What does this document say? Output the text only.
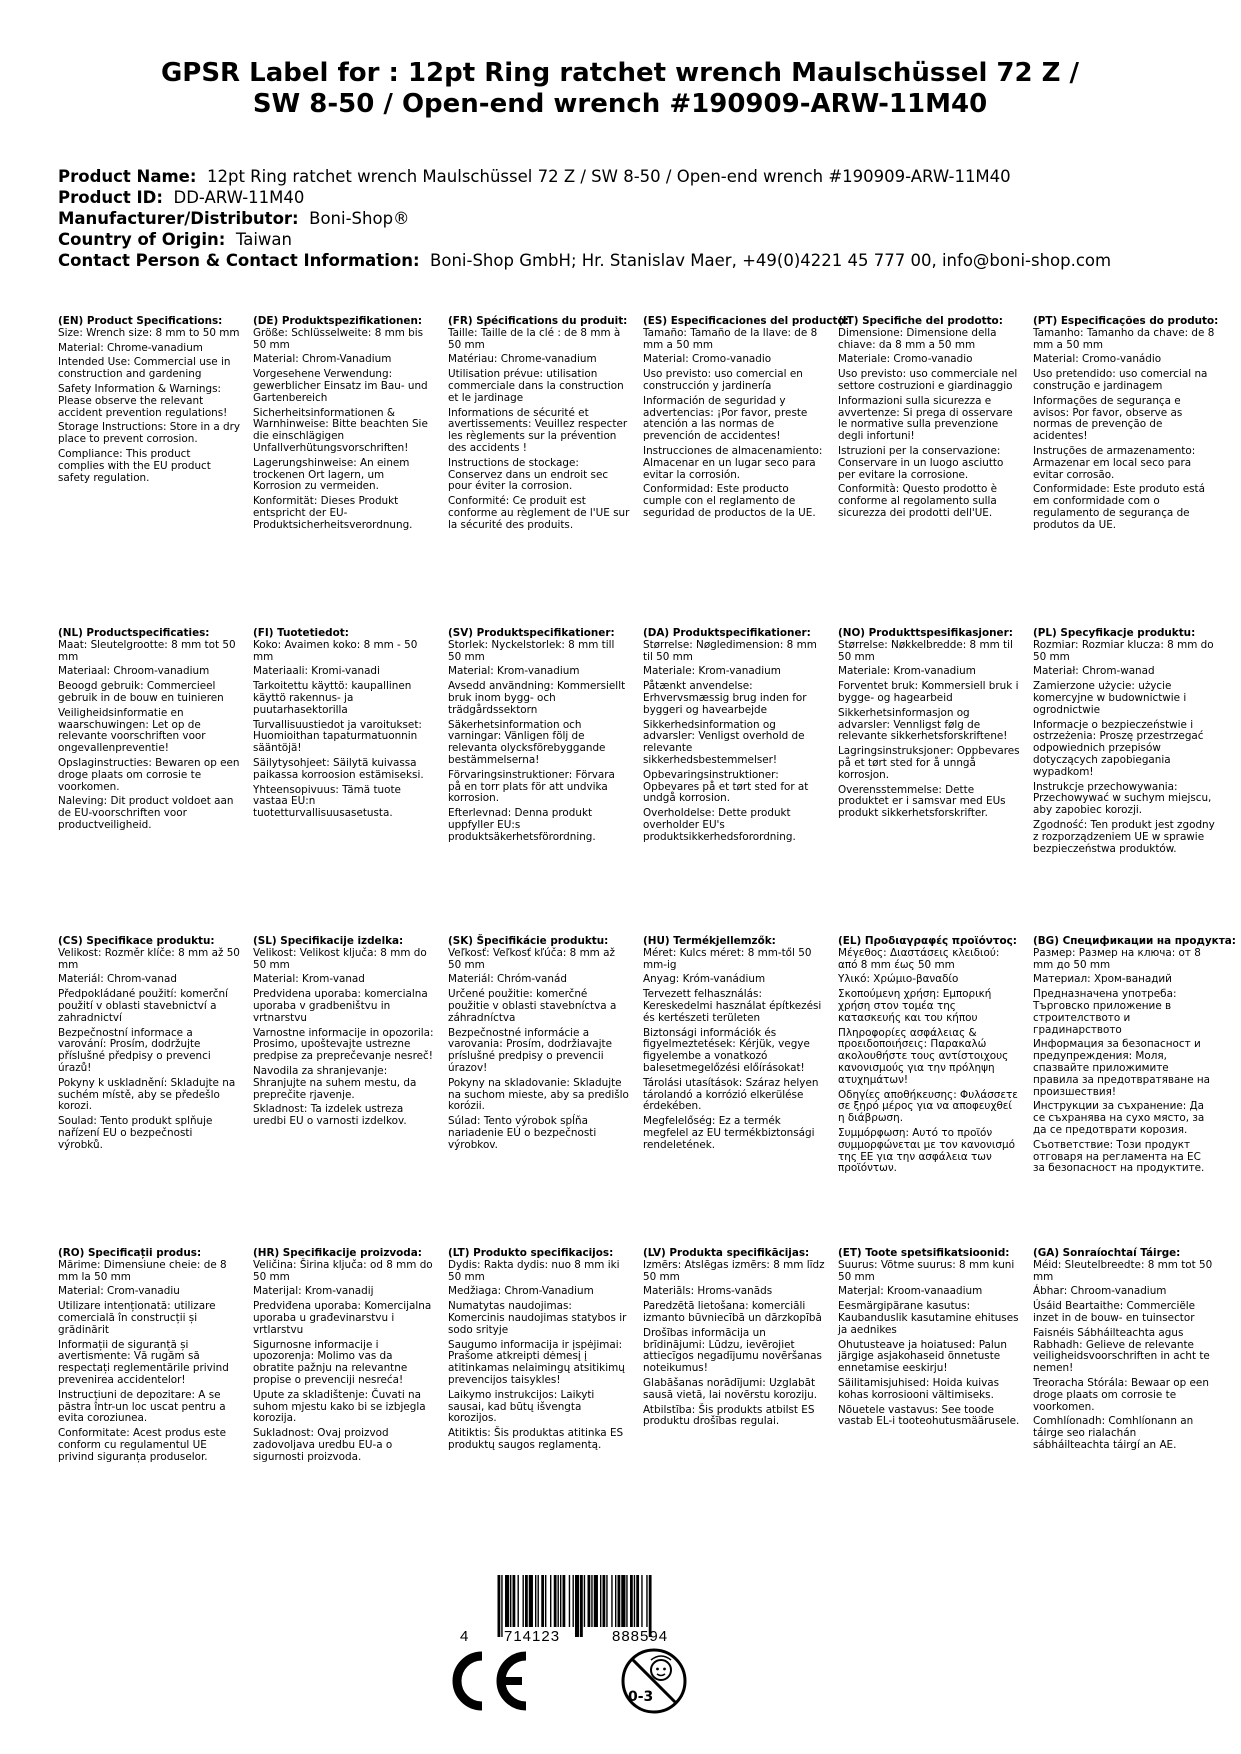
GPSR Label for : 12pt Ring ratchet wrench Maulschüssel 72 Z / SW 8-50 / Open-end wrench #190909-ARW-11M40
Product Name: 12pt Ring ratchet wrench Maulschüssel 72 Z / SW 8-50 / Open-end wrench #190909-ARW-11M40
Product ID: DD-ARW-11M40
Manufacturer/Distributor: Boni-Shop®
Country of Origin: Taiwan
Contact Person & Contact Information: Boni-Shop GmbH; Hr. Stanislav Maer, +49(0)4221 45 777 00, info@boni-shop.com
(EN) Product Specifications:

Size: Wrench size: 8 mm to 50 mm

Material: Chrome-vanadium

Intended Use: Commercial use in construction and gardening

Safety Information & Warnings: Please observe the relevant accident prevention regulations!

Storage Instructions: Store in a dry place to prevent corrosion.

Compliance: This product complies with the EU product safety regulation.

(DE) Produktspezifikationen:

Größe: Schlüsselweite: 8 mm bis 50 mm

Material: Chrom-Vanadium

Vorgesehene Verwendung: gewerblicher Einsatz im Bau- und Gartenbereich

Sicherheitsinformationen & Warnhinweise: Bitte beachten Sie die einschlägigen Unfallverhütungsvorschriften!

Lagerungshinweise: An einem trockenen Ort lagern, um Korrosion zu vermeiden.

Konformität: Dieses Produkt entspricht der EU-Produktsicherheitsverordnung.

(FR) Spécifications du produit:

Taille: Taille de la clé : de 8 mm à 50 mm

Matériau: Chrome-vanadium

Utilisation prévue: utilisation commerciale dans la construction et le jardinage

Informations de sécurité et avertissements: Veuillez respecter les règlements sur la prévention des accidents !

Instructions de stockage: Conservez dans un endroit sec pour éviter la corrosion.

Conformité: Ce produit est conforme au règlement de l'UE sur la sécurité des produits.

(ES) Especificaciones del producto:

Tamaño: Tamaño de la llave: de 8 mm a 50 mm

Material: Cromo-vanadio

Uso previsto: uso comercial en construcción y jardinería

Información de seguridad y advertencias: ¡Por favor, preste atención a las normas de prevención de accidentes!

Instrucciones de almacenamiento: Almacenar en un lugar seco para evitar la corrosión.

Conformidad: Este producto cumple con el reglamento de seguridad de productos de la UE.

(IT) Specifiche del prodotto:

Dimensione: Dimensione della chiave: da 8 mm a 50 mm

Materiale: Cromo-vanadio

Uso previsto: uso commerciale nel settore costruzioni e giardinaggio

Informazioni sulla sicurezza e avvertenze: Si prega di osservare le normative sulla prevenzione degli infortuni!

Istruzioni per la conservazione: Conservare in un luogo asciutto per evitare la corrosione.

Conformità: Questo prodotto è conforme al regolamento sulla sicurezza dei prodotti dell'UE.

(PT) Especificações do produto:

Tamanho: Tamanho da chave: de 8 mm a 50 mm

Material: Cromo-vanádio

Uso pretendido: uso comercial na construção e jardinagem

Informações de segurança e avisos: Por favor, observe as normas de prevenção de acidentes!

Instruções de armazenamento: Armazenar em local seco para evitar corrosão.

Conformidade: Este produto está em conformidade com o regulamento de segurança de produtos da UE.

(NL) Productspecificaties:

Maat: Sleutelgrootte: 8 mm tot 50 mm

Materiaal: Chroom-vanadium

Beoogd gebruik: Commercieel gebruik in de bouw en tuinieren

Veiligheidsinformatie en waarschuwingen: Let op de relevante voorschriften voor ongevallenpreventie!

Opslaginstructies: Bewaren op een droge plaats om corrosie te voorkomen.

Naleving: Dit product voldoet aan de EU-voorschriften voor productveiligheid.

(FI) Tuotetiedot:

Koko: Avaimen koko: 8 mm - 50 mm

Materiaali: Kromi-vanadi

Tarkoitettu käyttö: kaupallinen käyttö rakennus- ja puutarhasektorilla

Turvallisuustiedot ja varoitukset: Huomioithan tapaturmatuonnin sääntöjä!

Säilytysohjeet: Säilytä kuivassa paikassa korroosion estämiseksi.

Yhteensopivuus: Tämä tuote vastaa EU:n tuotetturvallisuusasetusta.

(SV) Produktspecifikationer:

Storlek: Nyckelstorlek: 8 mm till 50 mm

Material: Krom-vanadium

Avsedd användning: Kommersiellt bruk inom bygg- och trädgårdssektorn

Säkerhetsinformation och varningar: Vänligen följ de relevanta olycksförebyggande bestämmelserna!

Förvaringsinstruktioner: Förvara på en torr plats för att undvika korrosion.

Efterlevnad: Denna produkt uppfyller EU:s produktsäkerhetsförordning.

(DA) Produktspecifikationer:

Størrelse: Nøgledimension: 8 mm til 50 mm

Materiale: Krom-vanadium

Påtænkt anvendelse: Erhvervsmæssig brug inden for byggeri og havearbejde

Sikkerhedsinformation og advarsler: Venligst overhold de relevante sikkerhedsbestemmelser!

Opbevaringsinstruktioner: Opbevares på et tørt sted for at undgå korrosion.

Overholdelse: Dette produkt overholder EU's produktsikkerhedsforordning.

(NO) Produkttspesifikasjoner:

Størrelse: Nøkkelbredde: 8 mm til 50 mm

Materiale: Krom-vanadium

Forventet bruk: Kommersiell bruk i bygge- og hagearbeid

Sikkerhetsinformasjon og advarsler: Vennligst følg de relevante sikkerhetsforskriftene!

Lagringsinstruksjoner: Oppbevares på et tørt sted for å unngå korrosjon.

Overensstemmelse: Dette produktet er i samsvar med EUs produkt sikkerhetsforskrifter.

(PL) Specyfikacje produktu:

Rozmiar: Rozmiar klucza: 8 mm do 50 mm

Materiał: Chrom-wanad

Zamierzone użycie: użycie komercyjne w budownictwie i ogrodnictwie

Informacje o bezpieczeństwie i ostrzeżenia: Proszę przestrzegać odpowiednich przepisów dotyczących zapobiegania wypadkom!

Instrukcje przechowywania: Przechowywać w suchym miejscu, aby zapobiec korozji.

Zgodność: Ten produkt jest zgodny z rozporządzeniem UE w sprawie bezpieczeństwa produktów.

(CS) Specifikace produktu:

Velikost: Rozměr klíče: 8 mm až 50 mm

Materiál: Chrom-vanad

Předpokládané použití: komerční použití v oblasti stavebnictví a zahradnictví

Bezpečnostní informace a varování: Prosím, dodržujte příslušné předpisy o prevenci úrazů!

Pokyny k uskladnění: Skladujte na suchém místě, aby se předešlo korozi.

Soulad: Tento produkt splňuje nařízení EU o bezpečnosti výrobků.

(SL) Specifikacije izdelka:

Velikost: Velikost ključa: 8 mm do 50 mm

Material: Krom-vanad

Predvidena uporaba: komercialna uporaba v gradbeništvu in vrtnarstvu

Varnostne informacije in opozorila: Prosimo, upoštevajte ustrezne predpise za preprečevanje nesreč!

Navodila za shranjevanje: Shranjujte na suhem mestu, da preprečite rjavenje.

Skladnost: Ta izdelek ustreza uredbi EU o varnosti izdelkov.

(SK) Špecifikácie produktu:

Veľkosť: Veľkosť kľúča: 8 mm až 50 mm

Materiál: Chróm-vanád

Určené použitie: komerčné použitie v oblasti stavebníctva a záhradníctva

Bezpečnostné informácie a varovania: Prosím, dodržiavajte príslušné predpisy o prevencii úrazov!

Pokyny na skladovanie: Skladujte na suchom mieste, aby sa predišlo korózii.

Súlad: Tento výrobok spĺňa nariadenie EÚ o bezpečnosti výrobkov.

(HU) Termékjellemzők:

Méret: Kulcs méret: 8 mm-től 50 mm-ig

Anyag: Króm-vanádium

Tervezett felhasználás: Kereskedelmi használat építkezési és kertészeti területen

Biztonsági információk és figyelmeztetések: Kérjük, vegye figyelembe a vonatkozó balesetmegelőzési előírásokat!

Tárolási utasítások: Száraz helyen tárolandó a korrózió elkerülése érdekében.

Megfelelőség: Ez a termék megfelel az EU termékbiztonsági rendeletének.

(EL) Προδιαγραφές προϊόντος:

Μέγεθος: Διαστάσεις κλειδιού: από 8 mm έως 50 mm

Υλικό: Χρώμιο-βαναδίο

Σκοπούμενη χρήση: Εμπορική χρήση στον τομέα της κατασκευής και του κήπου

Πληροφορίες ασφάλειας & προειδοποιήσεις: Παρακαλώ ακολουθήστε τους αντίστοιχους κανονισμούς για την πρόληψη ατυχημάτων!

Οδηγίες αποθήκευσης: Φυλάσσετε σε ξηρό μέρος για να αποφευχθεί η διάβρωση.

Συμμόρφωση: Αυτό το προϊόν συμμορφώνεται με τον κανονισμό της ΕΕ για την ασφάλεια των προϊόντων.

(BG) Спецификации на продукта:

Размер: Размер на ключа: от 8 mm до 50 mm

Материал: Хром-ванадий

Предназначена употреба: Търговско приложение в строителството и градинарството

Информация за безопасност и предупреждения: Моля, спазвайте приложимите правила за предотвратяване на произшествия!

Инструкции за съхранение: Да се съхранява на сухо място, за да се предотврати корозия.

Съответствие: Този продукт отговаря на регламента на ЕС за безопасност на продуктите.

(RO) Specificații produs:

Mărime: Dimensiune cheie: de 8 mm la 50 mm

Material: Crom-vanadiu

Utilizare intenționată: utilizare comercială în construcții și grădinărit

Informații de siguranță și avertismente: Vă rugăm să respectați reglementările privind prevenirea accidentelor!

Instrucțiuni de depozitare: A se păstra într-un loc uscat pentru a evita coroziunea.

Conformitate: Acest produs este conform cu regulamentul UE privind siguranța produselor.

(HR) Specifikacije proizvoda:

Veličina: Širina ključa: od 8 mm do 50 mm

Materijal: Krom-vanadij

Predviđena uporaba: Komercijalna uporaba u građevinarstvu i vrtlarstvu

Sigurnosne informacije i upozorenja: Molimo vas da obratite pažnju na relevantne propise o prevenciji nesreća!

Upute za skladištenje: Čuvati na suhom mjestu kako bi se izbjegla korozija.

Sukladnost: Ovaj proizvod zadovoljava uredbu EU-a o sigurnosti proizvoda.

(LT) Produkto specifikacijos:

Dydis: Rakta dydis: nuo 8 mm iki 50 mm

Medžiaga: Chrom-Vanadium

Numatytas naudojimas: Komercinis naudojimas statybos ir sodo srityje

Saugumo informacija ir įspėjimai: Prašome atkreipti dėmesį į atitinkamas nelaimingų atsitikimų prevencijos taisykles!

Laikymo instrukcijos: Laikyti sausai, kad būtų išvengta korozijos.

Atitiktis: Šis produktas atitinka ES produktų saugos reglamentą.

(LV) Produkta specifikācijas:

Izmērs: Atslēgas izmērs: 8 mm līdz 50 mm

Materiāls: Hroms-vanāds

Paredzētā lietošana: komerciāli izmanto būvniecībā un dārzkopībā

Drošības informācija un brīdinājumi: Lūdzu, ievērojiet attiecīgos negadījumu novēršanas noteikumus!

Glabāšanas norādījumi: Uzglabāt sausā vietā, lai novērstu koroziju.

Atbilstība: Šis produkts atbilst ES produktu drošības regulai.

(ET) Toote spetsifikatsioonid:

Suurus: Võtme suurus: 8 mm kuni 50 mm

Materjal: Kroom-vanaadium

Eesmärgipärane kasutus: Kaubanduslik kasutamine ehituses ja aednikes

Ohutusteave ja hoiatused: Palun järgige asjakohaseid õnnetuste ennetamise eeskirju!

Säilitamisjuhised: Hoida kuivas kohas korrosiooni vältimiseks.

Nõuetele vastavus: See toode vastab EL-i tooteohutusmäärusele.

(GA) Sonraíochtaí Táirge:

Méid: Sleutelbreedte: 8 mm tot 50 mm

Ábhar: Chroom-vanadium

Úsáid Beartaithe: Commerciële inzet in de bouw- en tuinsector

Faisnéis Sábháilteachta agus Rabhadh: Gelieve de relevante veiligheidsvoorschriften in acht te nemen!

Treoracha Stórála: Bewaar op een droge plaats om corrosie te voorkomen.

Comhlíonadh: Comhlíonann an táirge seo rialachán sábháilteachta táirgí an AE.

4 714123	888594
CE
0-3
